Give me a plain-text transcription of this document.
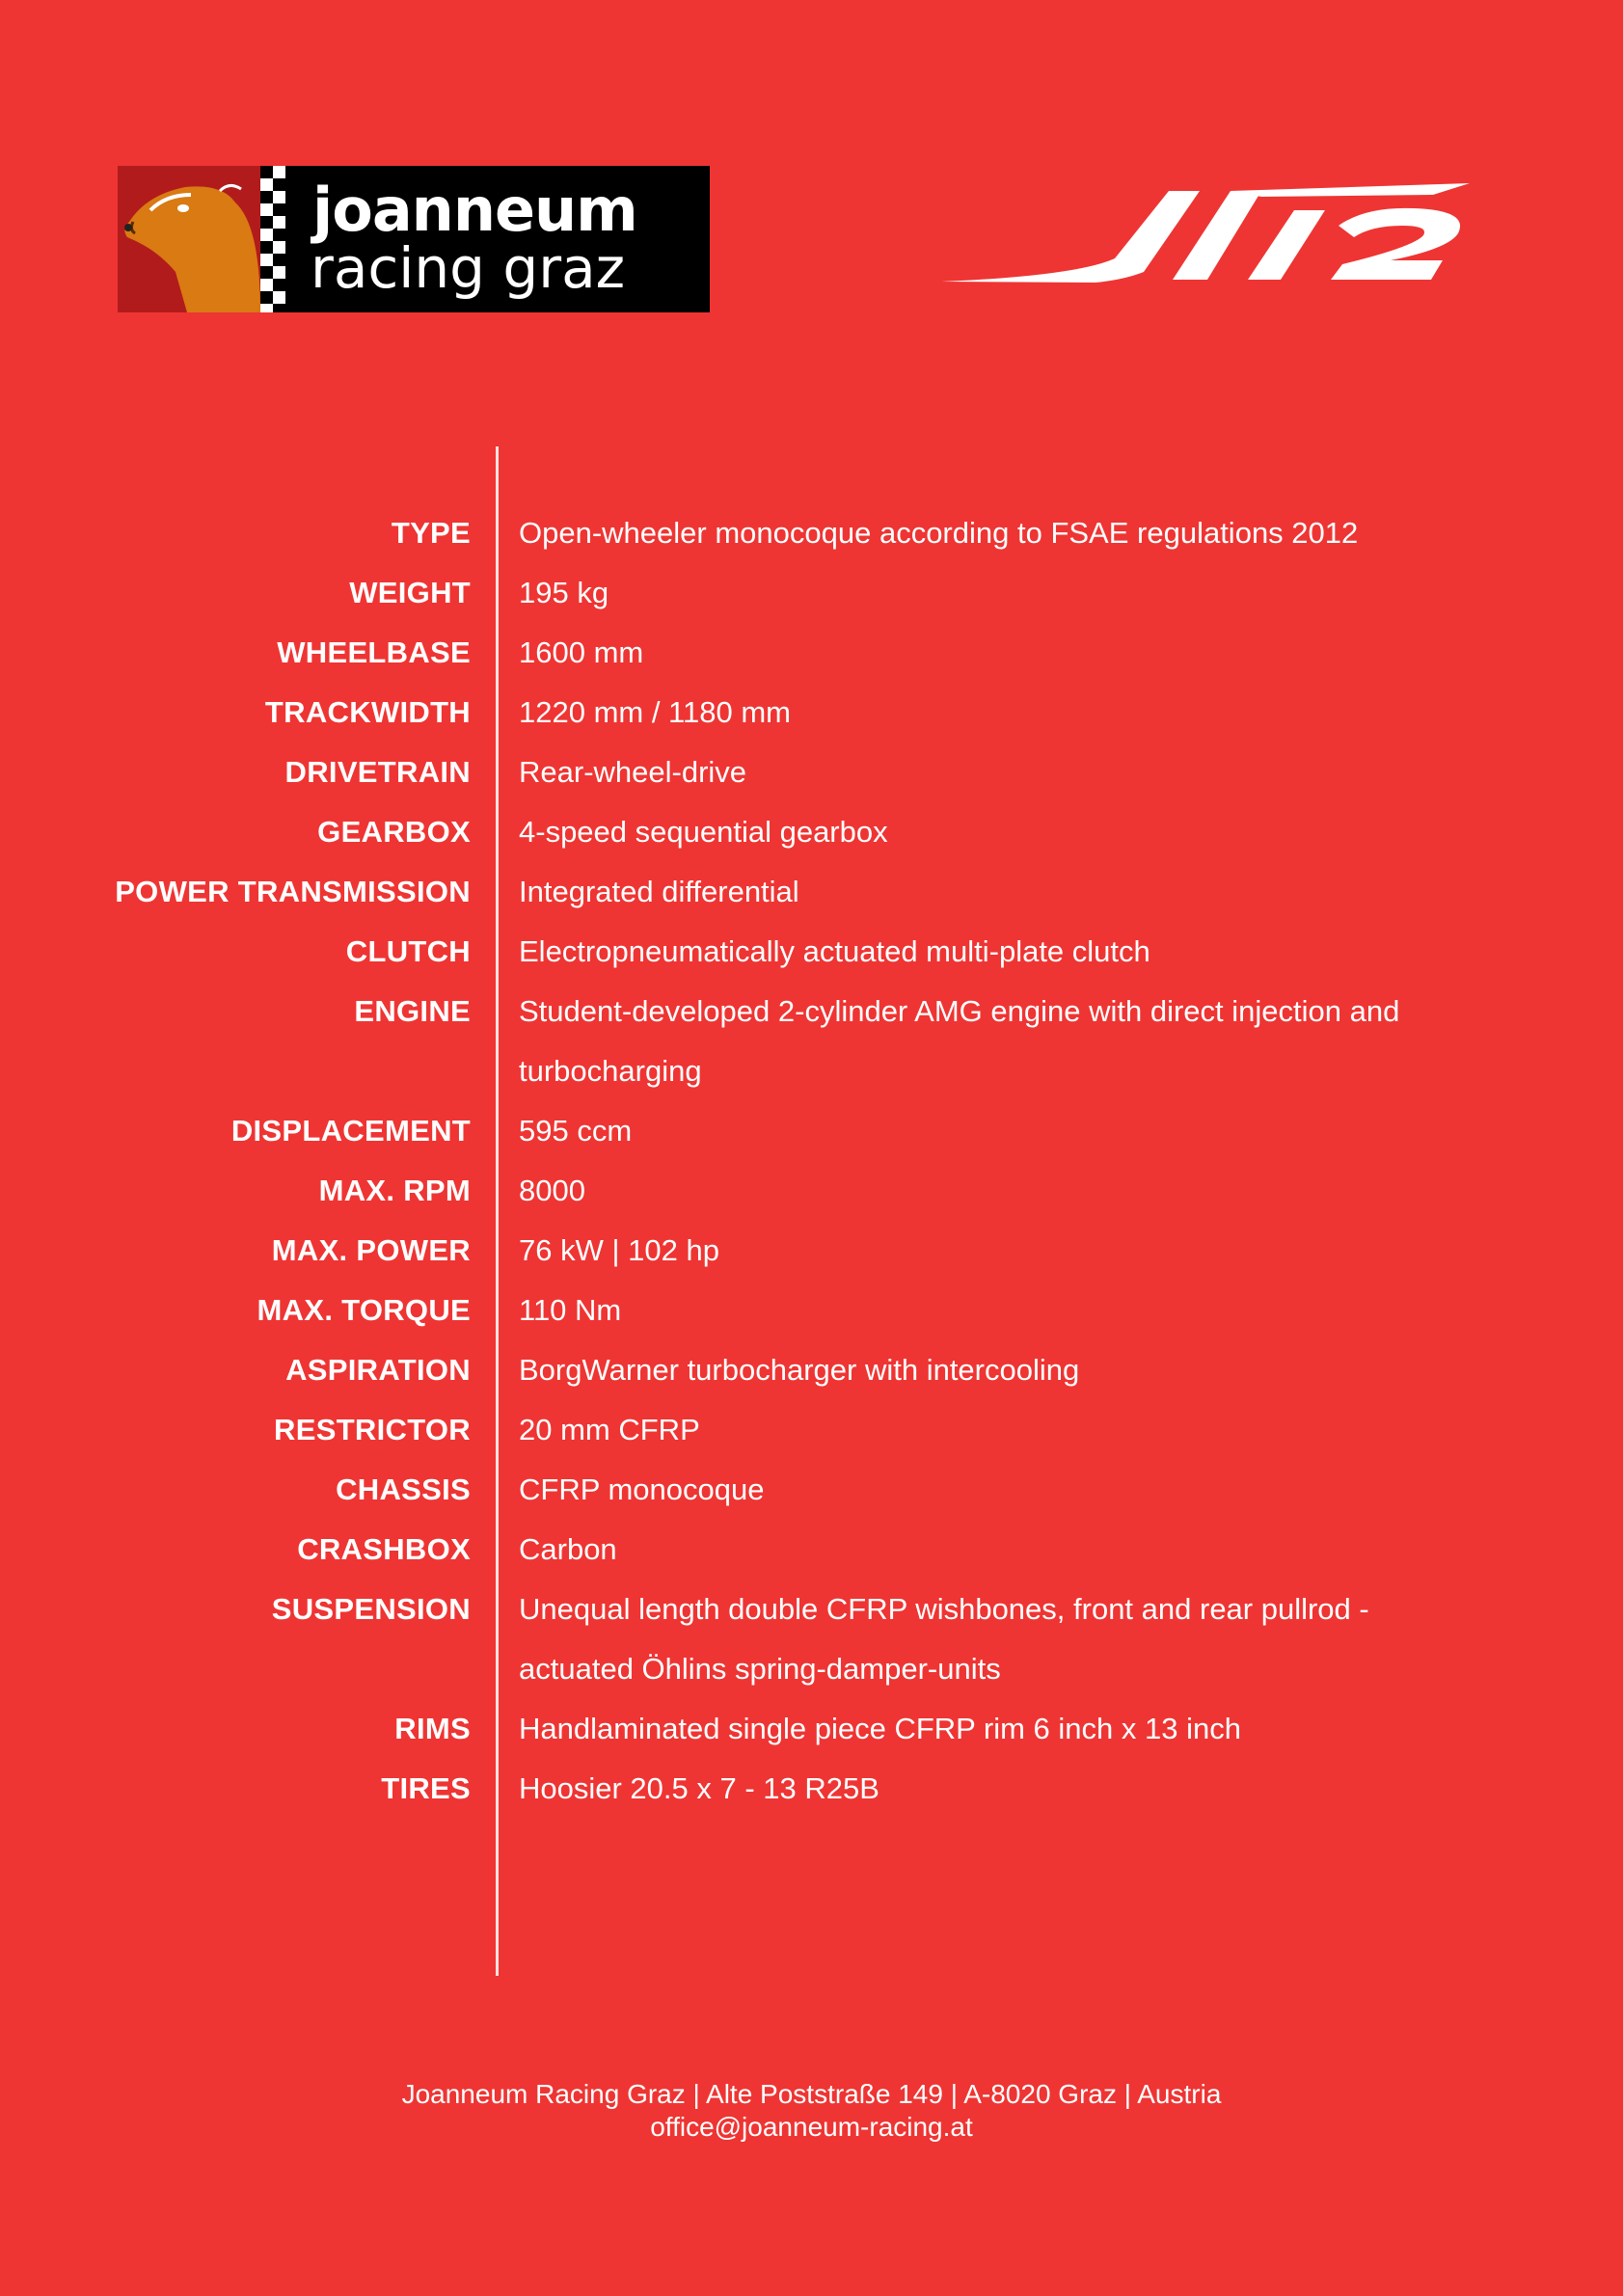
joanneum
racing graz
TYPE Open-wheeler monocoque according to FSAE regulations 2012
WEIGHT 195 kg
WHEELBASE 1600 mm
TRACKWIDTH 1220 mm / 1180 mm
DRIVETRAIN Rear-wheel-drive
GEARBOX 4-speed sequential gearbox
POWER TRANSMISSION Integrated differential
CLUTCH Electropneumatically actuated multi-plate clutch
ENGINE Student-developed 2-cylinder AMG engine with direct injection and turbocharging
DISPLACEMENT 595 ccm
MAX. RPM 8000
MAX. POWER 76 kW | 102 hp
MAX. TORQUE 110 Nm
ASPIRATION BorgWarner turbocharger with intercooling
RESTRICTOR 20 mm CFRP
CHASSIS CFRP monocoque
CRASHBOX Carbon
SUSPENSION Unequal length double CFRP wishbones, front and rear pullrod - actuated Öhlins spring-damper-units
RIMS Handlaminated single piece CFRP rim 6 inch x 13 inch
TIRES Hoosier 20.5 x 7 - 13 R25B
Joanneum Racing Graz | Alte Poststraße 149 | A-8020 Graz | Austria
office@joanneum-racing.at
